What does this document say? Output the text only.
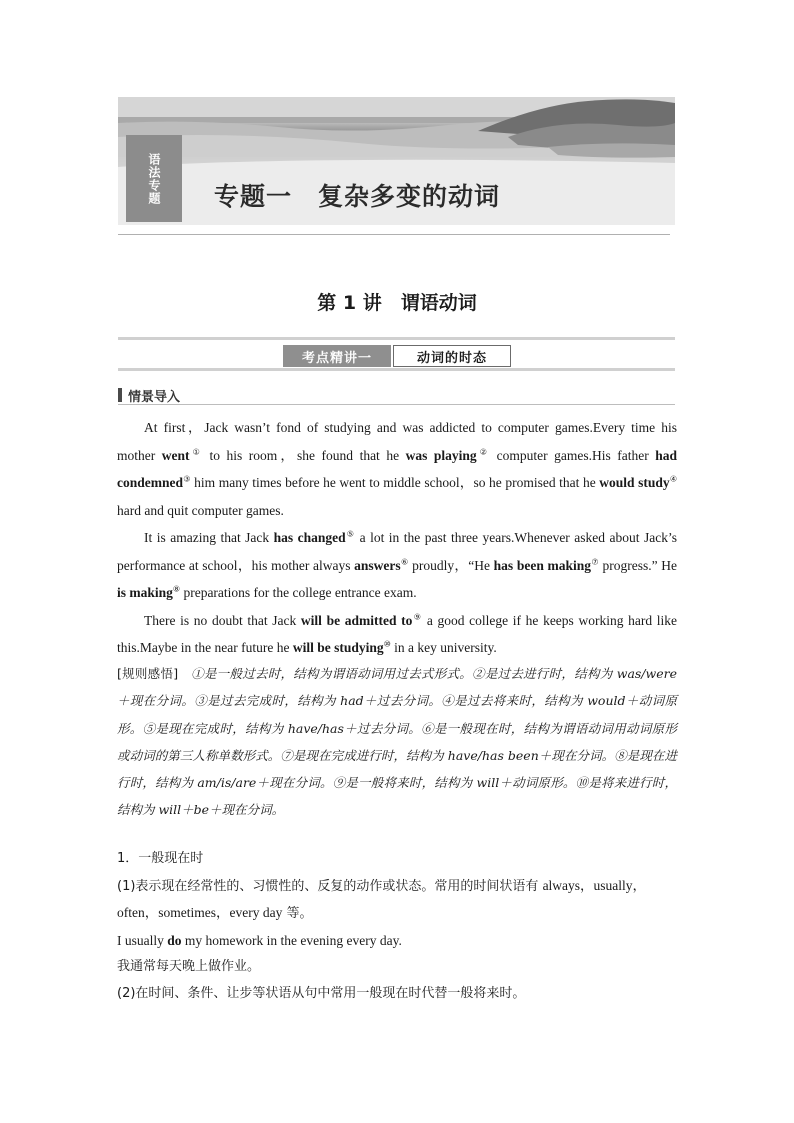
语法专题 专题一　复杂多变的动词
第 1 讲　谓语动词
考点精讲一	动词的时态
情景导入

At first，Jack wasn’t fond of studying and was addicted to computer games.Every time his mother went① to his room，she found that he was playing② computer games.His father had condemned③ him many times before he went to middle school，so he promised that he would study④ hard and quit computer games.

It is amazing that Jack has changed⑤ a lot in the past three years.Whenever asked about Jack’s performance at school，his mother always answers⑥ proudly，“He has been making⑦ progress.” He is making⑧ preparations for the college entrance exam.

There is no doubt that Jack will be admitted to⑨ a good college if he keeps working hard like this.Maybe in the near future he will be studying⑩ in a key university.

[规则感悟]　①是一般过去时，结构为谓语动词用过去式形式。②是过去进行时，结构为 was/were＋现在分词。③是过去完成时，结构为 had＋过去分词。④是过去将来时，结构为 would＋动词原形。⑤是现在完成时，结构为 have/has＋过去分词。⑥是一般现在时，结构为谓语动词用动词原形或动词的第三人称单数形式。⑦是现在完成进行时，结构为 have/has been＋现在分词。⑧是现在进行时，结构为 am/is/are＋现在分词。⑨是一般将来时，结构为 will＋动词原形。⑩是将来进行时，结构为 will＋be＋现在分词。

1．一般现在时

(1)表示现在经常性的、习惯性的、反复的动作或状态。常用的时间状语有 always，usually，often，sometimes，every day 等。

I usually do my homework in the evening every day.

我通常每天晚上做作业。

(2)在时间、条件、让步等状语从句中常用一般现在时代替一般将来时。
